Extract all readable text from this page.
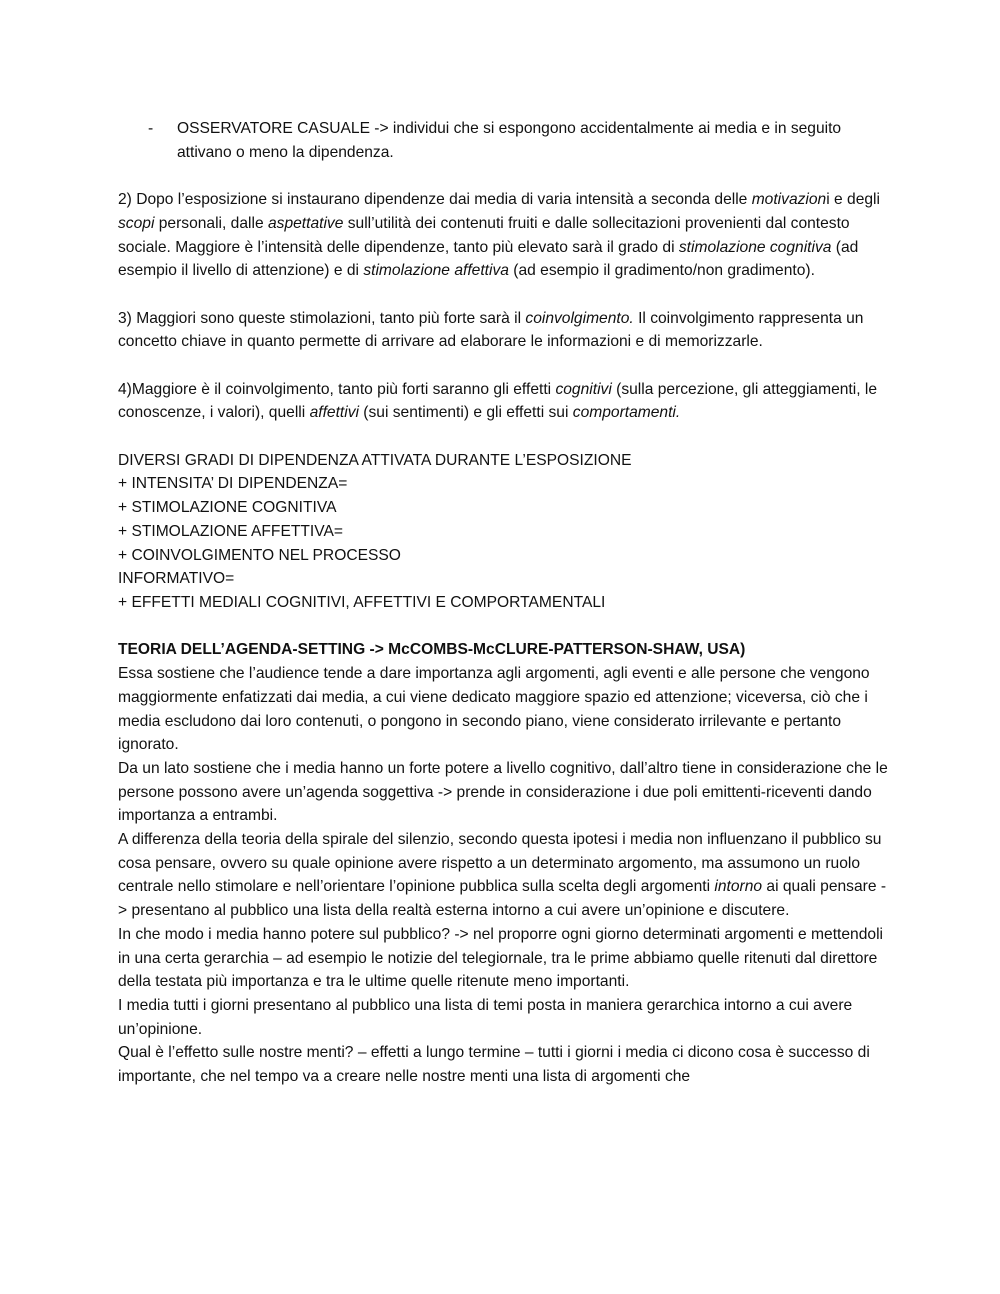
-	OSSERVATORE CASUALE -> individui che si espongono accidentalmente ai media e in seguito attivano o meno la dipendenza.

2) Dopo l’esposizione si instaurano dipendenze dai media di varia intensità a seconda delle motivazioni e degli scopi personali, dalle aspettative sull’utilità dei contenuti fruiti e dalle sollecitazioni provenienti dal contesto sociale. Maggiore è l’intensità delle dipendenze, tanto più elevato sarà il grado di stimolazione cognitiva (ad esempio il livello di attenzione) e di stimolazione affettiva (ad esempio il gradimento/non gradimento).

3) Maggiori sono queste stimolazioni, tanto più forte sarà il coinvolgimento. Il coinvolgimento rappresenta un concetto chiave in quanto permette di arrivare ad elaborare le informazioni e di memorizzarle.

4)Maggiore è il coinvolgimento, tanto più forti saranno gli effetti cognitivi (sulla percezione, gli atteggiamenti, le conoscenze, i valori), quelli affettivi (sui sentimenti) e gli effetti sui comportamenti.

DIVERSI GRADI DI DIPENDENZA ATTIVATA DURANTE L’ESPOSIZIONE

+ INTENSITA’ DI DIPENDENZA=

+ STIMOLAZIONE COGNITIVA

+ STIMOLAZIONE AFFETTIVA=

+ COINVOLGIMENTO NEL PROCESSO

INFORMATIVO=

+ EFFETTI MEDIALI COGNITIVI, AFFETTIVI E COMPORTAMENTALI

TEORIA DELL’AGENDA-SETTING -> McCOMBS-McCLURE-PATTERSON-SHAW, USA)

Essa sostiene che l’audience tende a dare importanza agli argomenti, agli eventi e alle persone che vengono maggiormente enfatizzati dai media, a cui viene dedicato maggiore spazio ed attenzione; viceversa, ciò che i media escludono dai loro contenuti, o pongono in secondo piano, viene considerato irrilevante e pertanto ignorato.

Da un lato sostiene che i media hanno un forte potere a livello cognitivo, dall’altro tiene in considerazione che le persone possono avere un’agenda soggettiva -> prende in considerazione i due poli emittenti-riceventi dando importanza a entrambi.

A differenza della teoria della spirale del silenzio, secondo questa ipotesi i media non influenzano il pubblico su cosa pensare, ovvero su quale opinione avere rispetto a un determinato argomento, ma assumono un ruolo centrale nello stimolare e nell’orientare l’opinione pubblica sulla scelta degli argomenti intorno ai quali pensare -> presentano al pubblico una lista della realtà esterna intorno a cui avere un’opinione e discutere.

In che modo i media hanno potere sul pubblico? -> nel proporre ogni giorno determinati argomenti e mettendoli in una certa gerarchia – ad esempio le notizie del telegiornale, tra le prime abbiamo quelle ritenuti dal direttore della testata più importanza e tra le ultime quelle ritenute meno importanti.

I media tutti i giorni presentano al pubblico una lista di temi posta in maniera gerarchica intorno a cui avere un’opinione.

Qual è l’effetto sulle nostre menti? – effetti a lungo termine – tutti i giorni i media ci dicono cosa è successo di importante, che nel tempo va a creare nelle nostre menti una lista di argomenti che
